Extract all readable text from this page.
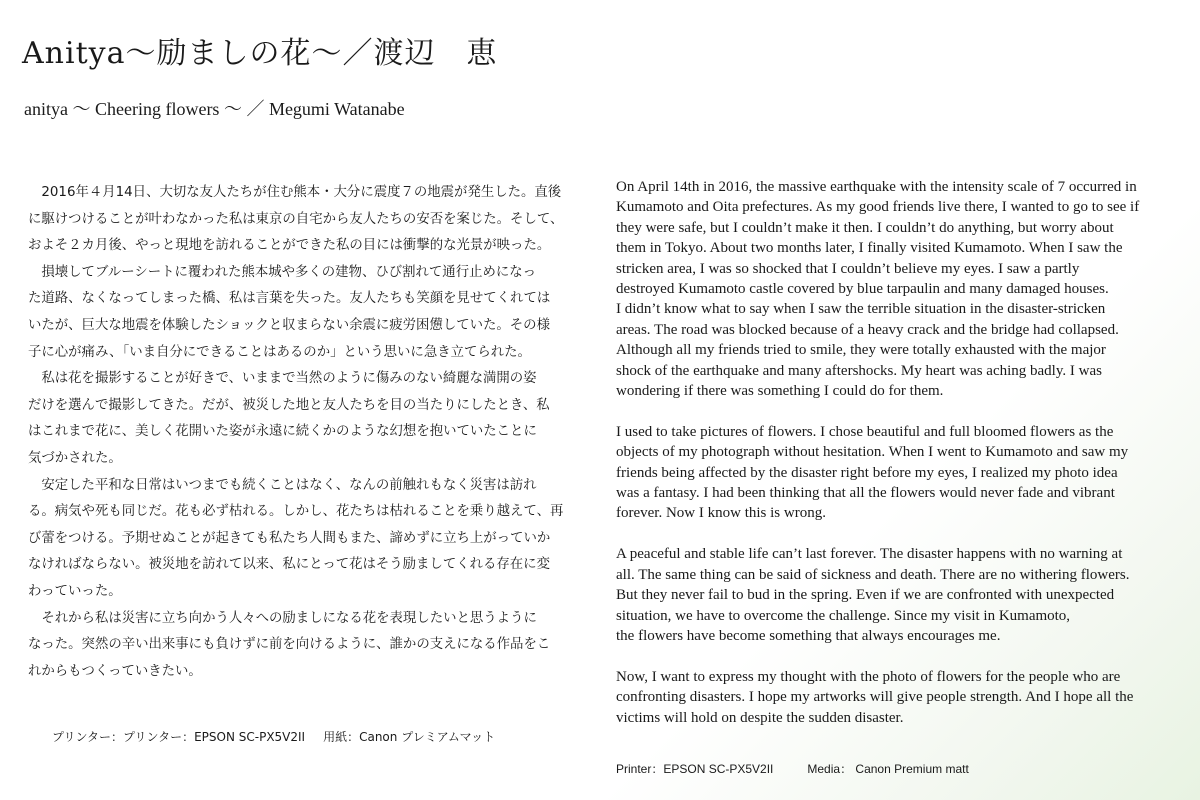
Anitya～励ましの花～／渡辺　恵
anitya ～ Cheering flowers ～ ／ Megumi Watanabe

　2016年４月14日、大切な友人たちが住む熊本・大分に震度７の地震が発生した。直後
に駆けつけることが叶わなかった私は東京の自宅から友人たちの安否を案じた。そして、
およそ２カ月後、やっと現地を訪れることができた私の目には衝撃的な光景が映った。

　損壊してブルーシートに覆われた熊本城や多くの建物、ひび割れて通行止めになっ
た道路、なくなってしまった橋、私は言葉を失った。友人たちも笑顔を見せてくれては
いたが、巨大な地震を体験したショックと収まらない余震に疲労困憊していた。その様
子に心が痛み、「いま自分にできることはあるのか」という思いに急き立てられた。

　私は花を撮影することが好きで、いままで当然のように傷みのない綺麗な満開の姿
だけを選んで撮影してきた。だが、被災した地と友人たちを目の当たりにしたとき、私
はこれまで花に、美しく花開いた姿が永遠に続くかのような幻想を抱いていたことに
気づかされた。

　安定した平和な日常はいつまでも続くことはなく、なんの前触れもなく災害は訪れ
る。病気や死も同じだ。花も必ず枯れる。しかし、花たちは枯れることを乗り越えて、再
び蕾をつける。予期せぬことが起きても私たち人間もまた、諦めずに立ち上がっていか
なければならない。被災地を訪れて以来、私にとって花はそう励ましてくれる存在に変
わっていった。

　それから私は災害に立ち向かう人々への励ましになる花を表現したいと思うように
なった。突然の辛い出来事にも負けずに前を向けるように、誰かの支えになる作品をこ
れからもつくっていきたい。

プリンター：プリンター：EPSON SC-PX5V2II 用紙：Canon プレミアムマット

On April 14th in 2016, the massive earthquake with the intensity scale of 7 occurred in
Kumamoto and Oita prefectures. As my good friends live there, I wanted to go to see if
they were safe, but I couldn’t make it then. I couldn’t do anything, but worry about
them in Tokyo. About two months later, I finally visited Kumamoto. When I saw the
stricken area, I was so shocked that I couldn’t believe my eyes. I saw a partly
destroyed Kumamoto castle covered by blue tarpaulin and many damaged houses.
I didn’t know what to say when I saw the terrible situation in the disaster-stricken
areas. The road was blocked because of a heavy crack and the bridge had collapsed.
Although all my friends tried to smile, they were totally exhausted with the major
shock of the earthquake and many aftershocks. My heart was aching badly. I was
wondering if there was something I could do for them.

I used to take pictures of flowers. I chose beautiful and full bloomed flowers as the
objects of my photograph without hesitation. When I went to Kumamoto and saw my
friends being affected by the disaster right before my eyes, I realized my photo idea
was a fantasy. I had been thinking that all the flowers would never fade and vibrant
forever. Now I know this is wrong.

A peaceful and stable life can’t last forever. The disaster happens with no warning at
all. The same thing can be said of sickness and death. There are no withering flowers.
But they never fail to bud in the spring. Even if we are confronted with unexpected
situation, we have to overcome the challenge. Since my visit in Kumamoto,
the flowers have become something that always encourages me.

Now, I want to express my thought with the photo of flowers for the people who are
confronting disasters. I hope my artworks will give people strength. And I hope all the
victims will hold on despite the sudden disaster.

Printer：EPSON SC-PX5V2II	Media： Canon Premium matt
